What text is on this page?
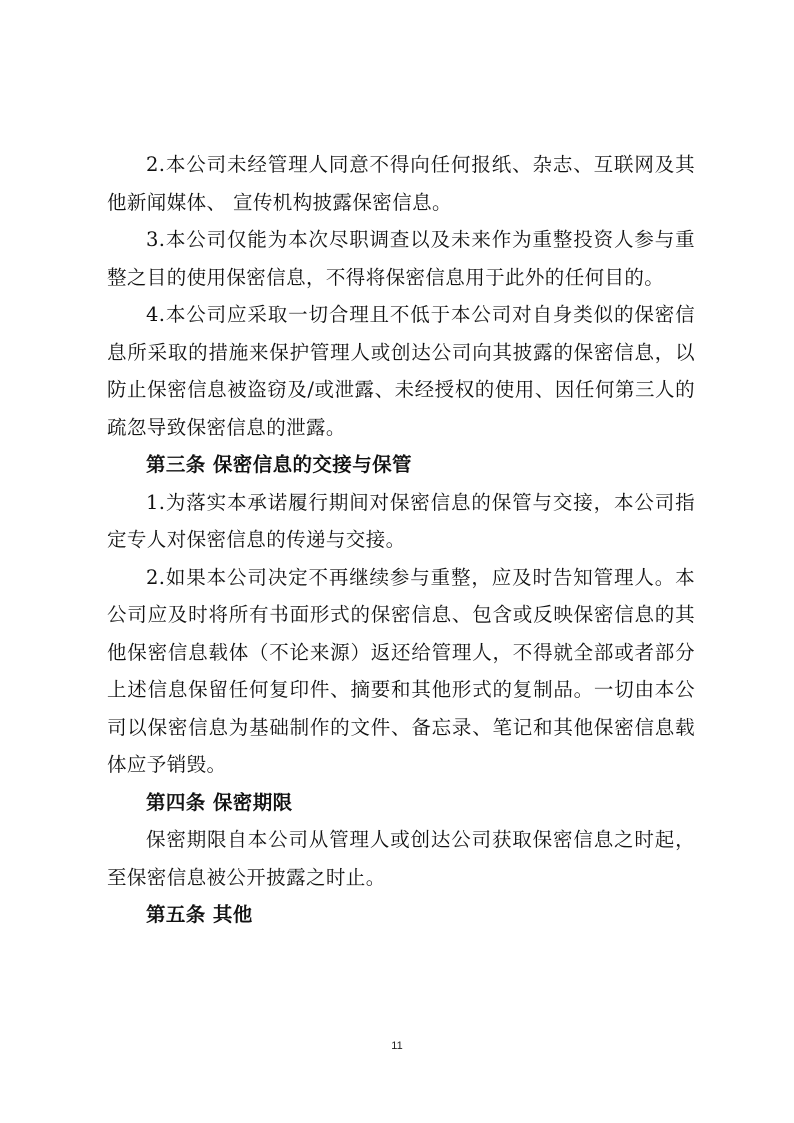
2.本公司未经管理人同意不得向任何报纸、杂志、互联网及其他新闻媒体、 宣传机构披露保密信息。

3.本公司仅能为本次尽职调查以及未来作为重整投资人参与重整之目的使用保密信息，不得将保密信息用于此外的任何目的。

4.本公司应采取一切合理且不低于本公司对自身类似的保密信息所采取的措施来保护管理人或创达公司向其披露的保密信息，以防止保密信息被盗窃及/或泄露、未经授权的使用、因任何第三人的疏忽导致保密信息的泄露。

第三条 保密信息的交接与保管

1.为落实本承诺履行期间对保密信息的保管与交接，本公司指定专人对保密信息的传递与交接。

2.如果本公司决定不再继续参与重整，应及时告知管理人。本公司应及时将所有书面形式的保密信息、包含或反映保密信息的其他保密信息载体（不论来源）返还给管理人，不得就全部或者部分上述信息保留任何复印件、摘要和其他形式的复制品。一切由本公司以保密信息为基础制作的文件、备忘录、笔记和其他保密信息载体应予销毁。

第四条 保密期限

保密期限自本公司从管理人或创达公司获取保密信息之时起，至保密信息被公开披露之时止。

第五条 其他

11
